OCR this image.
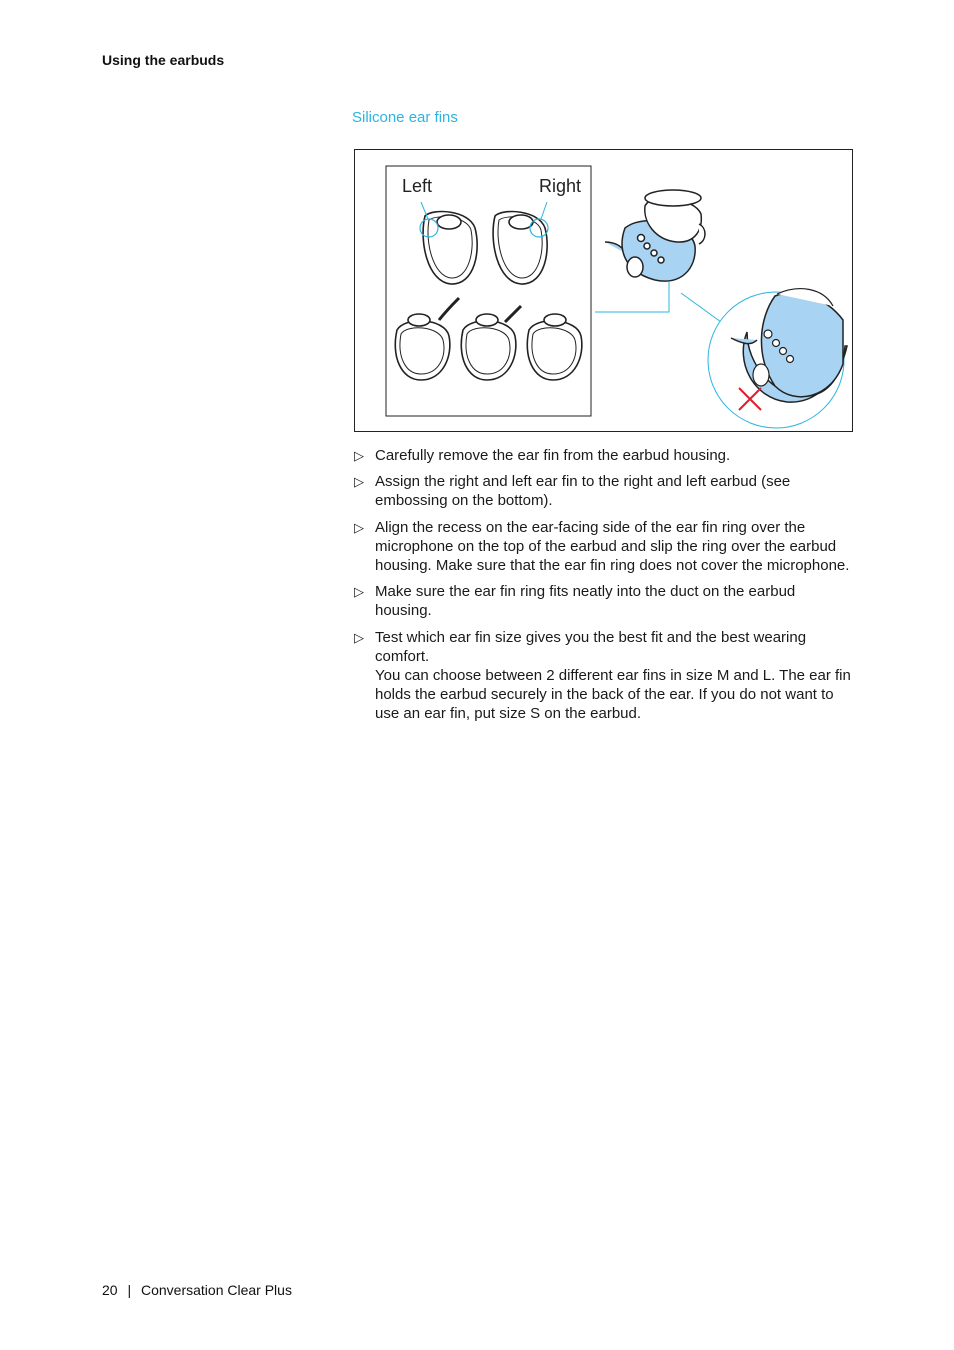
Using the earbuds
Silicone ear fins
Left	Right
▷ Carefully remove the ear fin from the earbud housing.
▷ Assign the right and left ear fin to the right and left earbud (see embossing on the bottom).
▷ Align the recess on the ear-facing side of the ear fin ring over the microphone on the top of the earbud and slip the ring over the earbud housing. Make sure that the ear fin ring does not cover the microphone.
▷ Make sure the ear fin ring fits neatly into the duct on the earbud housing.
▷ Test which ear fin size gives you the best fit and the best wearing comfort.
You can choose between 2 different ear fins in size M and L. The ear fin holds the earbud securely in the back of the ear. If you do not want to use an ear fin, put size S on the earbud.
20 | Conversation Clear Plus
